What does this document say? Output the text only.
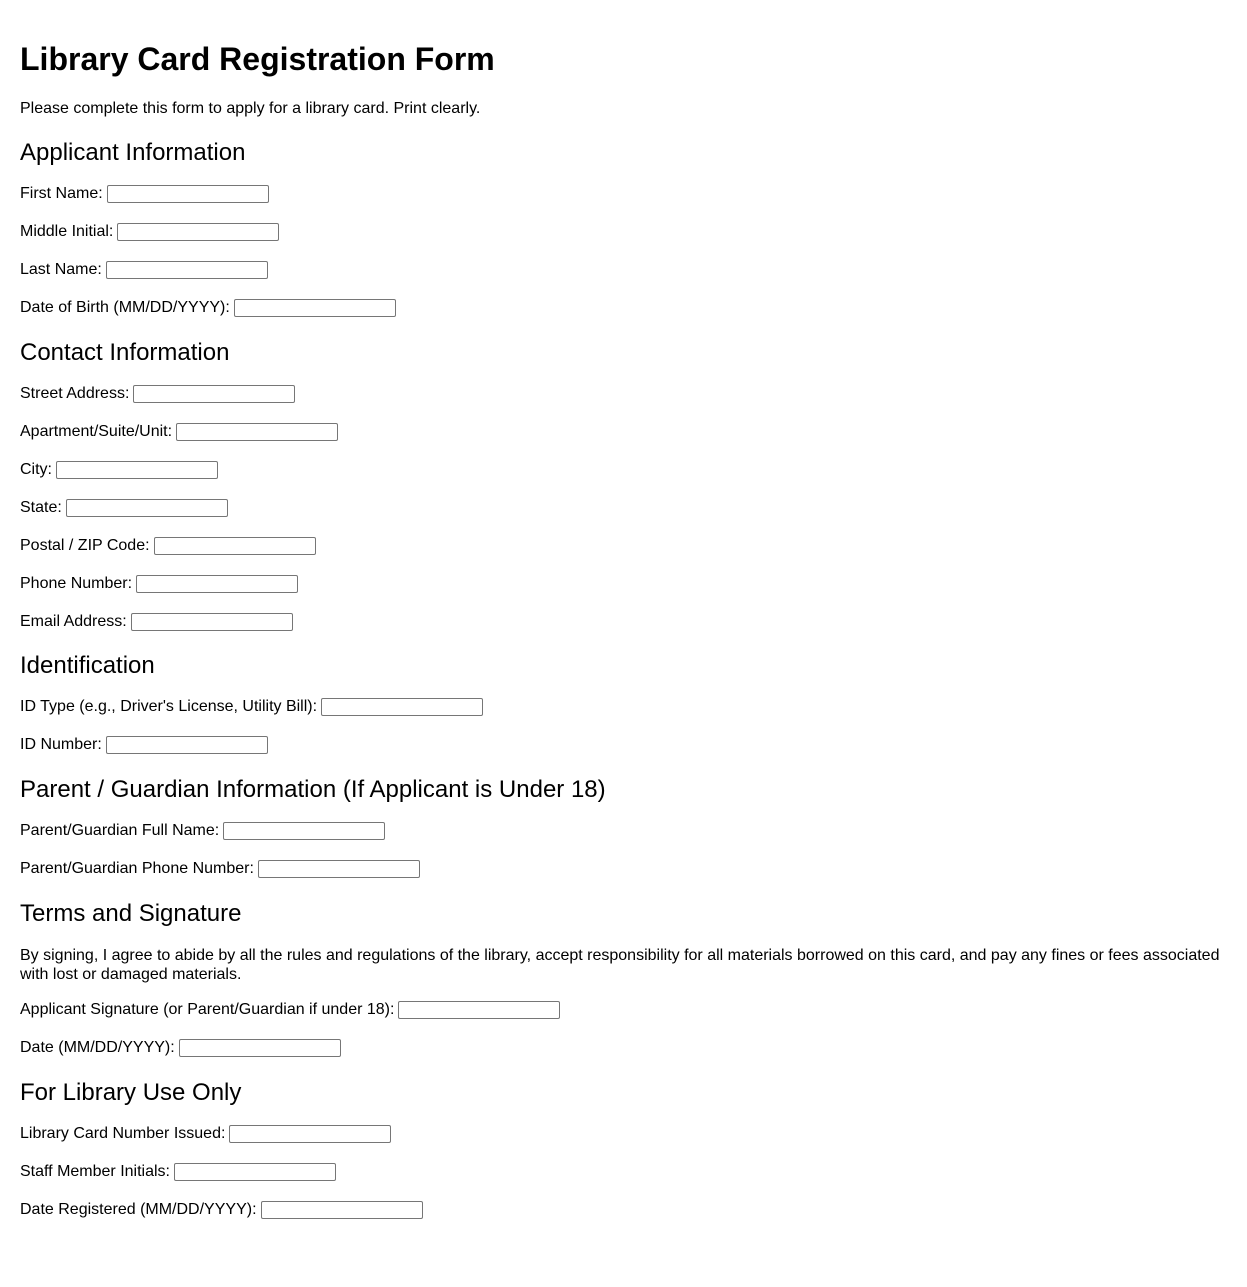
Library Card Registration Form

Please complete this form to apply for a library card. Print clearly.

Applicant Information
First Name:
Middle Initial:
Last Name:
Date of Birth (MM/DD/YYYY):
Contact Information
Street Address:
Apartment/Suite/Unit:
City:
State:
Postal / ZIP Code:
Phone Number:
Email Address:
Identification
ID Type (e.g., Driver's License, Utility Bill):
ID Number:
Parent / Guardian Information (If Applicant is Under 18)
Parent/Guardian Full Name:
Parent/Guardian Phone Number:
Terms and Signature

By signing, I agree to abide by all the rules and regulations of the library, accept responsibility for all materials borrowed on this card, and pay any fines or fees associated with lost or damaged materials.

Applicant Signature (or Parent/Guardian if under 18):
Date (MM/DD/YYYY):
For Library Use Only
Library Card Number Issued:
Staff Member Initials:
Date Registered (MM/DD/YYYY):
